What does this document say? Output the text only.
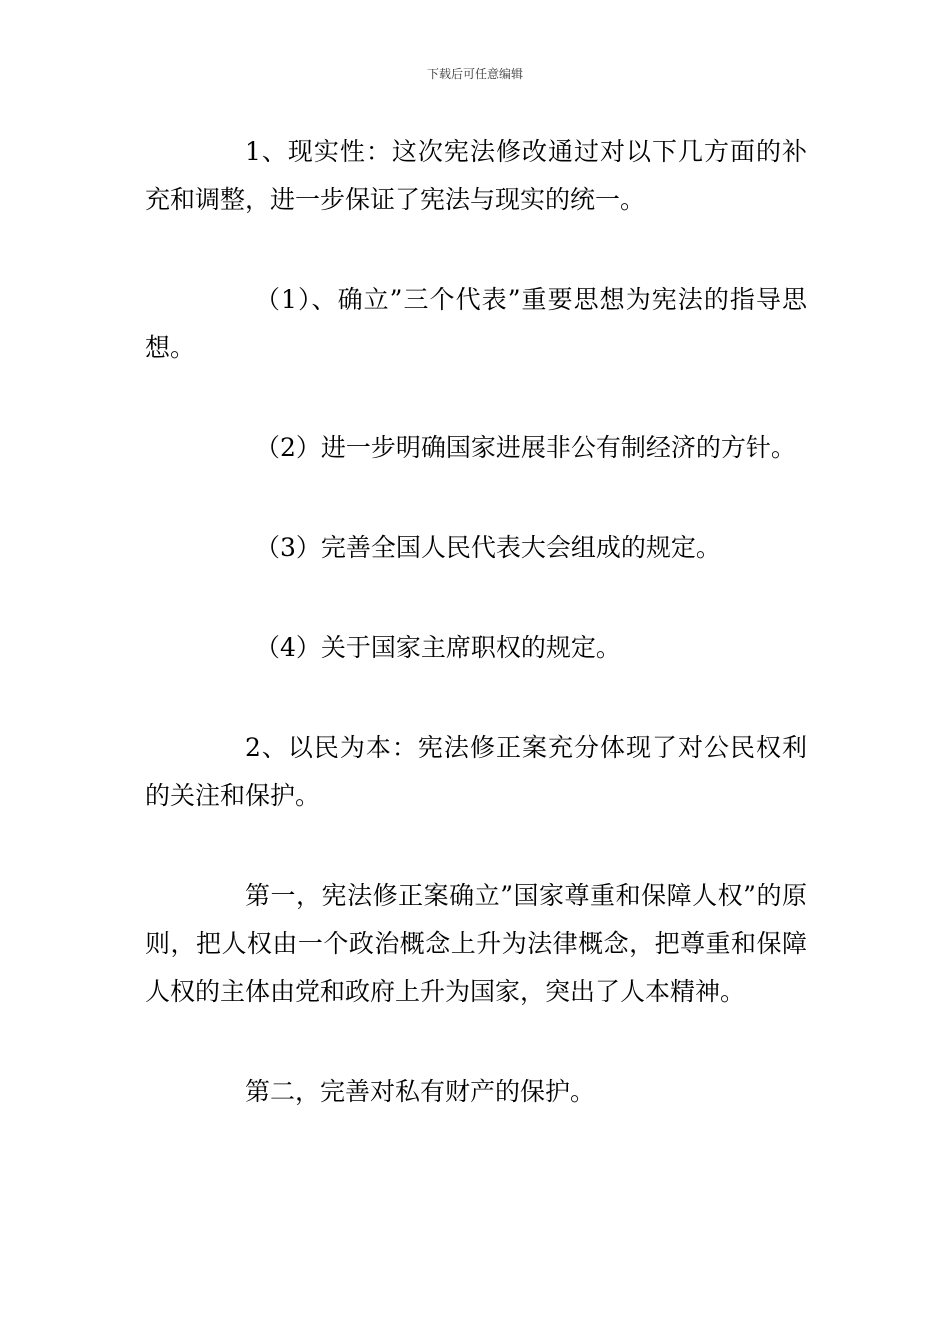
下载后可任意编辑

1、现实性：这次宪法修改通过对以下几方面的补充和调整，进一步保证了宪法与现实的统一。

（1）、确立”三个代表”重要思想为宪法的指导思想。

（2）进一步明确国家进展非公有制经济的方针。

（3）完善全国人民代表大会组成的规定。

（4）关于国家主席职权的规定。

2、以民为本：宪法修正案充分体现了对公民权利的关注和保护。

第一，宪法修正案确立”国家尊重和保障人权”的原则，把人权由一个政治概念上升为法律概念，把尊重和保障人权的主体由党和政府上升为国家，突出了人本精神。

第二，完善对私有财产的保护。
